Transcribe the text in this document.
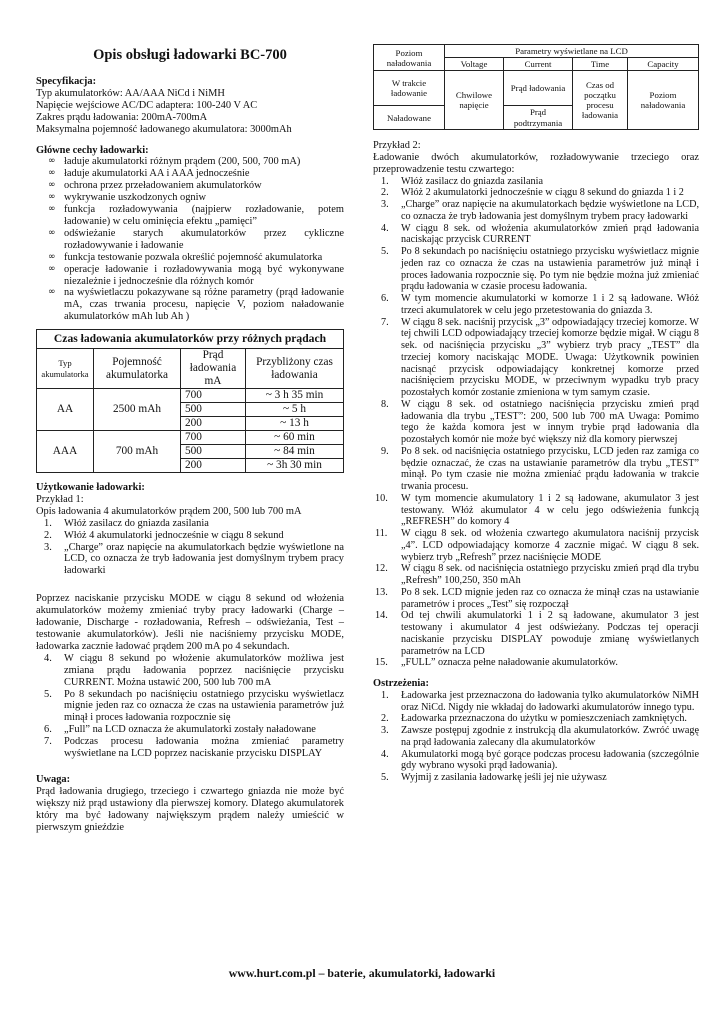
Opis obsługi ładowarki BC-700
Specyfikacja:
Typ akumulatorków: AA/AAA NiCd i NiMH
Napięcie wejściowe AC/DC adaptera: 100-240 V AC
Zakres prądu ładowania: 200mA-700mA
Maksymalna pojemność ładowanego akumulatora: 3000mAh
Główne cechy ładowarki:
∞ ładuje akumulatorki różnym prądem (200, 500, 700 mA)
∞ ładuje akumulatorki AA i AAA jednocześnie
∞ ochrona przez przeładowaniem akumulatorków
∞ wykrywanie uszkodzonych ogniw
∞ funkcja rozładowywania (najpierw rozładowanie, potem ładowanie) w celu ominięcia efektu „pamięci”
∞ odświeżanie starych akumulatorków przez cykliczne rozładowywanie i ładowanie
∞ funkcja testowanie pozwala określić pojemność akumulatorka
∞ operacje ładowanie i rozładowywania mogą być wykonywane niezależnie i jednocześnie dla różnych komór
∞ na wyświetlaczu pokazywane są różne parametry (prąd ładowanie mA, czas trwania procesu, napięcie V, poziom naładowanie akumulatorków mAh lub Ah )
Czas ładowania akumulatorków przy różnych prądach			
Typ akumulatorka	Pojemność akumulatorka	Prąd ładowania mA	Przybliżony czas ładowania
AA	2500 mAh	700	~ 3 h 35 min
		500	~ 5 h
		200	~ 13 h
AAA	700 mAh	700	~ 60 min
		500	~ 84 min
		200	~ 3h 30 min
Użytkowanie ładowarki:
Przykład 1:
Opis ładowania 4 akumulatorków prądem 200, 500 lub 700 mA
1. Włóż zasilacz do gniazda zasilania
2. Włóż 4 akumulatorki jednocześnie w ciągu 8 sekund
3. „Charge” oraz napięcie na akumulatorkach będzie wyświetlone na LCD, co oznacza że tryb ładowania jest domyślnym trybem pracy ładowarki
Poprzez naciskanie przycisku MODE w ciągu 8 sekund od włożenia akumulatorków możemy zmieniać tryby pracy ładowarki (Charge – ładowanie, Discharge - rozładowania, Refresh – odświeżania, Test – testowanie akumulatorków). Jeśli nie naciśniemy przycisku MODE, ładowarka zacznie ładować prądem 200 mA po 4 sekundach.
4. W ciągu 8 sekund po włożenie akumulatorków możliwa jest zmiana prądu ładowania poprzez naciśnięcie przycisku CURRENT. Można ustawić 200, 500 lub 700 mA
5. Po 8 sekundach po naciśnięciu ostatniego przycisku wyświetlacz mignie jeden raz co oznacza że czas na ustawienia parametrów już minął i proces ładowania rozpocznie się
6. „Full” na LCD oznacza że akumulatorki zostały naładowane
7. Podczas procesu ładowania można zmieniać parametry wyświetlane na LCD poprzez naciskanie przycisku DISPLAY
Uwaga:
Prąd ładowania drugiego, trzeciego i czwartego gniazda nie może być większy niż prąd ustawiony dla pierwszej komory. Dlatego akumulatorek który ma być ładowany największym prądem należy umieścić w pierwszym gnieździe
Poziom naładowania	Parametry wyświetlane na LCD			
	Voltage	Current	Time	Capacity
W trakcie ładowanie	Chwilowe napięcie	Prąd ładowania	Czas od początku procesu ładowania	Poziom naładowania
Naładowane		Prąd podtrzymania		
Przykład 2:
Ładowanie dwóch akumulatorków, rozładowywanie trzeciego oraz przeprowadzenie testu czwartego:
1. Włóż zasilacz do gniazda zasilania
2. Włóż 2 akumulatorki jednocześnie w ciągu 8 sekund do gniazda 1 i 2
3. „Charge” oraz napięcie na akumulatorkach będzie wyświetlone na LCD, co oznacza że tryb ładowania jest domyślnym trybem pracy ładowarki
4. W ciągu 8 sek. od włożenia akumulatorków zmień prąd ładowania naciskając przycisk CURRENT
5. Po 8 sekundach po naciśnięciu ostatniego przycisku wyświetlacz mignie jeden raz co oznacza że czas na ustawienia parametrów już minął i proces ładowania rozpocznie się. Po tym nie będzie można już zmieniać prądu ładowania w czasie procesu ładowania.
6. W tym momencie akumulatorki w komorze 1 i 2 są ładowane. Włóż trzeci akumulatorek w celu jego przetestowania do gniazda 3.
7. W ciągu 8 sek. naciśnij przycisk „3” odpowiadający trzeciej komorze. W tej chwili LCD odpowiadający trzeciej komorze będzie migał. W ciągu 8 sek. od naciśnięcia przycisku „3” wybierz tryb pracy „TEST” dla trzeciej komory naciskając MODE. Uwaga: Użytkownik powinien nacisnąć przycisk odpowiadający konkretnej komorze przed naciśnięciem przycisku MODE, w przeciwnym wypadku tryb pracy pozostałych komór zostanie zmieniona w tym samym czasie.
8. W ciągu 8 sek. od ostatniego naciśnięcia przycisku zmień prąd ładowania dla trybu „TEST”: 200, 500 lub 700 mA Uwaga: Pomimo tego że każda komora jest w innym trybie prąd ładowania dla pozostałych komór nie może być większy niż dla komory pierwszej
9. Po 8 sek. od naciśnięcia ostatniego przycisku, LCD jeden raz zamiga co będzie oznaczać, że czas na ustawianie parametrów dla trybu „TEST” minął. Po tym czasie nie można zmieniać prądu ładowania w trakcie trwania procesu.
10. W tym momencie akumulatory 1 i 2 są ładowane, akumulator 3 jest testowany. Włóż akumulator 4 w celu jego odświeżenia funkcją „REFRESH” do komory 4
11. W ciągu 8 sek. od włożenia czwartego akumulatora naciśnij przycisk „4”. LCD odpowiadający komorze 4 zacznie migać. W ciągu 8 sek. wybierz tryb „Refresh” przez naciśnięcie MODE
12. W ciągu 8 sek. od naciśnięcia ostatniego przycisku zmień prąd dla trybu „Refresh” 100,250, 350 mAh
13. Po 8 sek. LCD mignie jeden raz co oznacza że minął czas na ustawianie parametrów i proces „Test” się rozpoczął
14. Od tej chwili akumulatorki 1 i 2 są ładowane, akumulator 3 jest testowany i akumulator 4 jest odświeżany. Podczas tej operacji naciskanie przycisku DISPLAY powoduje zmianę wyświetlanych parametrów na LCD
15. „FULL” oznacza pełne naładowanie akumulatorków.
Ostrzeżenia:
1. Ładowarka jest przeznaczona do ładowania tylko akumulatorków NiMH oraz NiCd. Nigdy nie wkładaj do ładowarki akumulatorów innego typu.
2. Ładowarka przeznaczona do użytku w pomieszczeniach zamkniętych.
3. Zawsze postępuj zgodnie z instrukcją dla akumulatorków. Zwróć uwagę na prąd ładowania zalecany dla akumulatorków
4. Akumulatorki mogą być gorące podczas procesu ładowania (szczególnie gdy wybrano wysoki prąd ładowania).
5. Wyjmij z zasilania ładowarkę jeśli jej nie używasz
www.hurt.com.pl – baterie, akumulatorki, ładowarki
